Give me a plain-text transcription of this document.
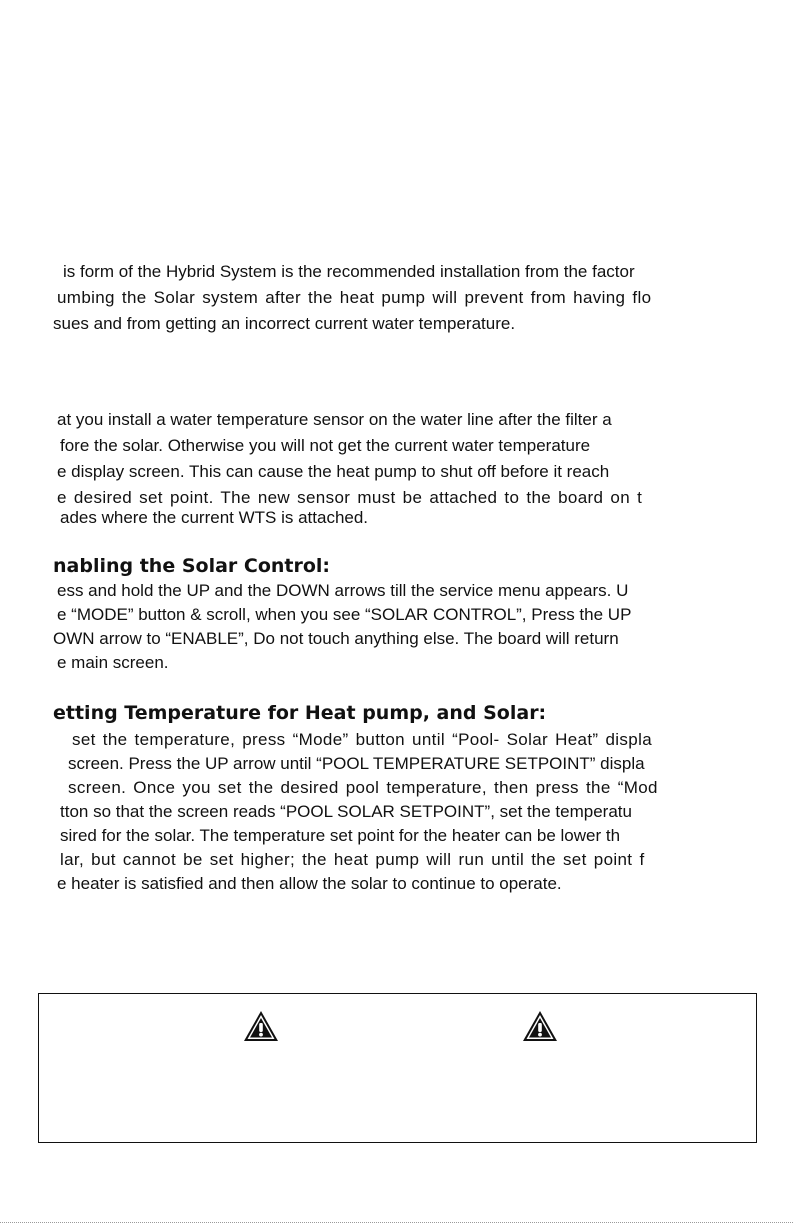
is form of the Hybrid System is the recommended installation from the factor
umbing the Solar system after the heat pump will prevent from having flo
sues and from getting an incorrect current water temperature.
at you install a water temperature sensor on the water line after the filter a
fore the solar. Otherwise you will not get the current water temperature
e display screen. This can cause the heat pump to shut off before it reach
e desired set point. The new sensor must be attached to the board on t
ades where the current WTS is attached.
nabling the Solar Control:
ess and hold the UP and the DOWN arrows till the service menu appears. U
e “MODE” button & scroll, when you see “SOLAR CONTROL”, Press the UP
OWN arrow to “ENABLE”, Do not touch anything else. The board will return
e main screen.
etting Temperature for Heat pump, and Solar:
set the temperature, press “Mode” button until “Pool- Solar Heat” displa
screen. Press the UP arrow until “POOL TEMPERATURE SETPOINT” displa
screen. Once you set the desired pool temperature, then press the “Mod
tton so that the screen reads “POOL SOLAR SETPOINT”, set the temperatu
sired for the solar. The temperature set point for the heater can be lower th
lar, but cannot be set higher; the heat pump will run until the set point f
e heater is satisfied and then allow the solar to continue to operate.
